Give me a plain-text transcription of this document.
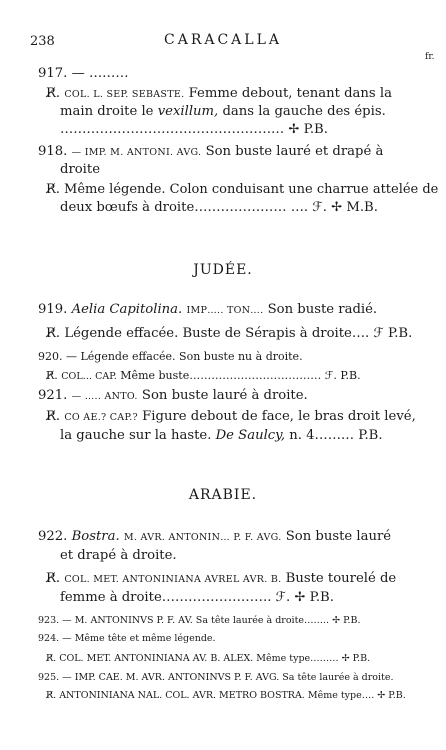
238	CARACALLA
fr.
917. — ………
R̸. COL. L. SEP. SEBASTE. Femme debout, tenant dans la
main droite le vexillum, dans la gauche des épis.
…………………………………………… ✢ P.B.
918. — IMP. M. ANTONI. AVG. Son buste lauré et drapé à
droite
R̸. Même légende. Colon conduisant une charrue attelée de
deux bœufs à droite………………… …. ℱ. ✢ M.B.
JUDÉE.
919. Aelia Capitolina. IMP….. TON…. Son buste radié.
R̸. Légende effacée. Buste de Sérapis à droite…. ℱ P.B.
920. — Légende effacée. Son buste nu à droite.
R̸. COL… CAP. Même buste……………………………… ℱ. P.B.
921. — ….. ANTO. Son buste lauré à droite.
R̸. CO AE.? CAP.? Figure debout de face, le bras droit levé,
la gauche sur la haste. De Saulcy, n. 4……… P.B.
ARABIE.
922. Bostra. M. AVR. ANTONIN… P. F. AVG. Son buste lauré
et drapé à droite.
R̸. COL. MET. ANTONINIANA AVREL AVR. B. Buste tourelé de
femme à droite……………………. ℱ. ✢ P.B.
923. — M. ANTONINVS P. F. AV. Sa tête laurée à droite…….. ✢ P.B.
924. — Même tête et même légende.
R̸. COL. MET. ANTONINIANA AV. B. ALEX. Même type……… ✢ P.B.
925. — IMP. CAE. M. AVR. ANTONINVS P. F. AVG. Sa tête laurée à droite.
R̸. ANTONINIANA NAL. COL. AVR. METRO BOSTRA. Même type…. ✢ P.B.
